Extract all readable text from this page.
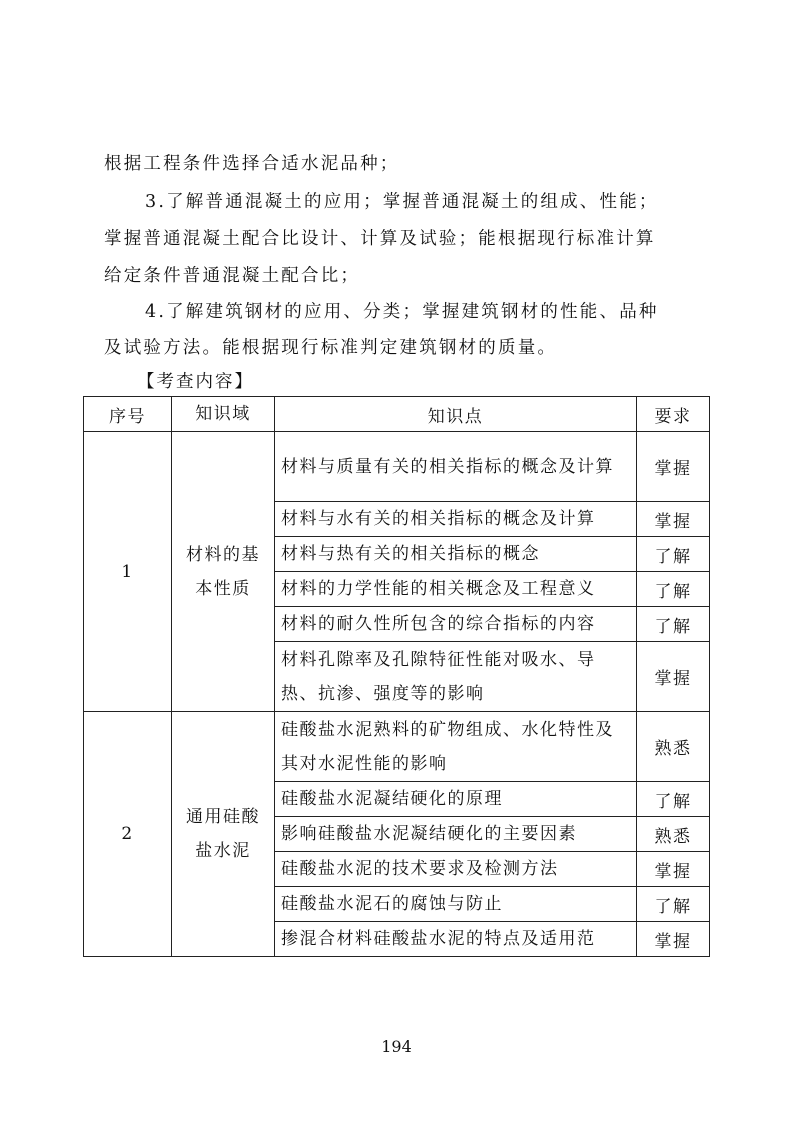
根据工程条件选择合适水泥品种；
3.了解普通混凝土的应用；掌握普通混凝土的组成、性能；
掌握普通混凝土配合比设计、计算及试验；能根据现行标准计算
给定条件普通混凝土配合比；
4.了解建筑钢材的应用、分类；掌握建筑钢材的性能、品种
及试验方法。能根据现行标准判定建筑钢材的质量。
【考查内容】
序号	知识域	知识点	要求
1	材料的基本性质	材料与质量有关的相关指标的概念及计算	掌握
		材料与水有关的相关指标的概念及计算	掌握
		材料与热有关的相关指标的概念	了解
		材料的力学性能的相关概念及工程意义	了解
		材料的耐久性所包含的综合指标的内容	了解
		材料孔隙率及孔隙特征性能对吸水、导热、抗渗、强度等的影响	掌握
2	通用硅酸盐水泥	硅酸盐水泥熟料的矿物组成、水化特性及其对水泥性能的影响	熟悉
		硅酸盐水泥凝结硬化的原理	了解
		影响硅酸盐水泥凝结硬化的主要因素	熟悉
		硅酸盐水泥的技术要求及检测方法	掌握
		硅酸盐水泥石的腐蚀与防止	了解
		掺混合材料硅酸盐水泥的特点及适用范	掌握
194
